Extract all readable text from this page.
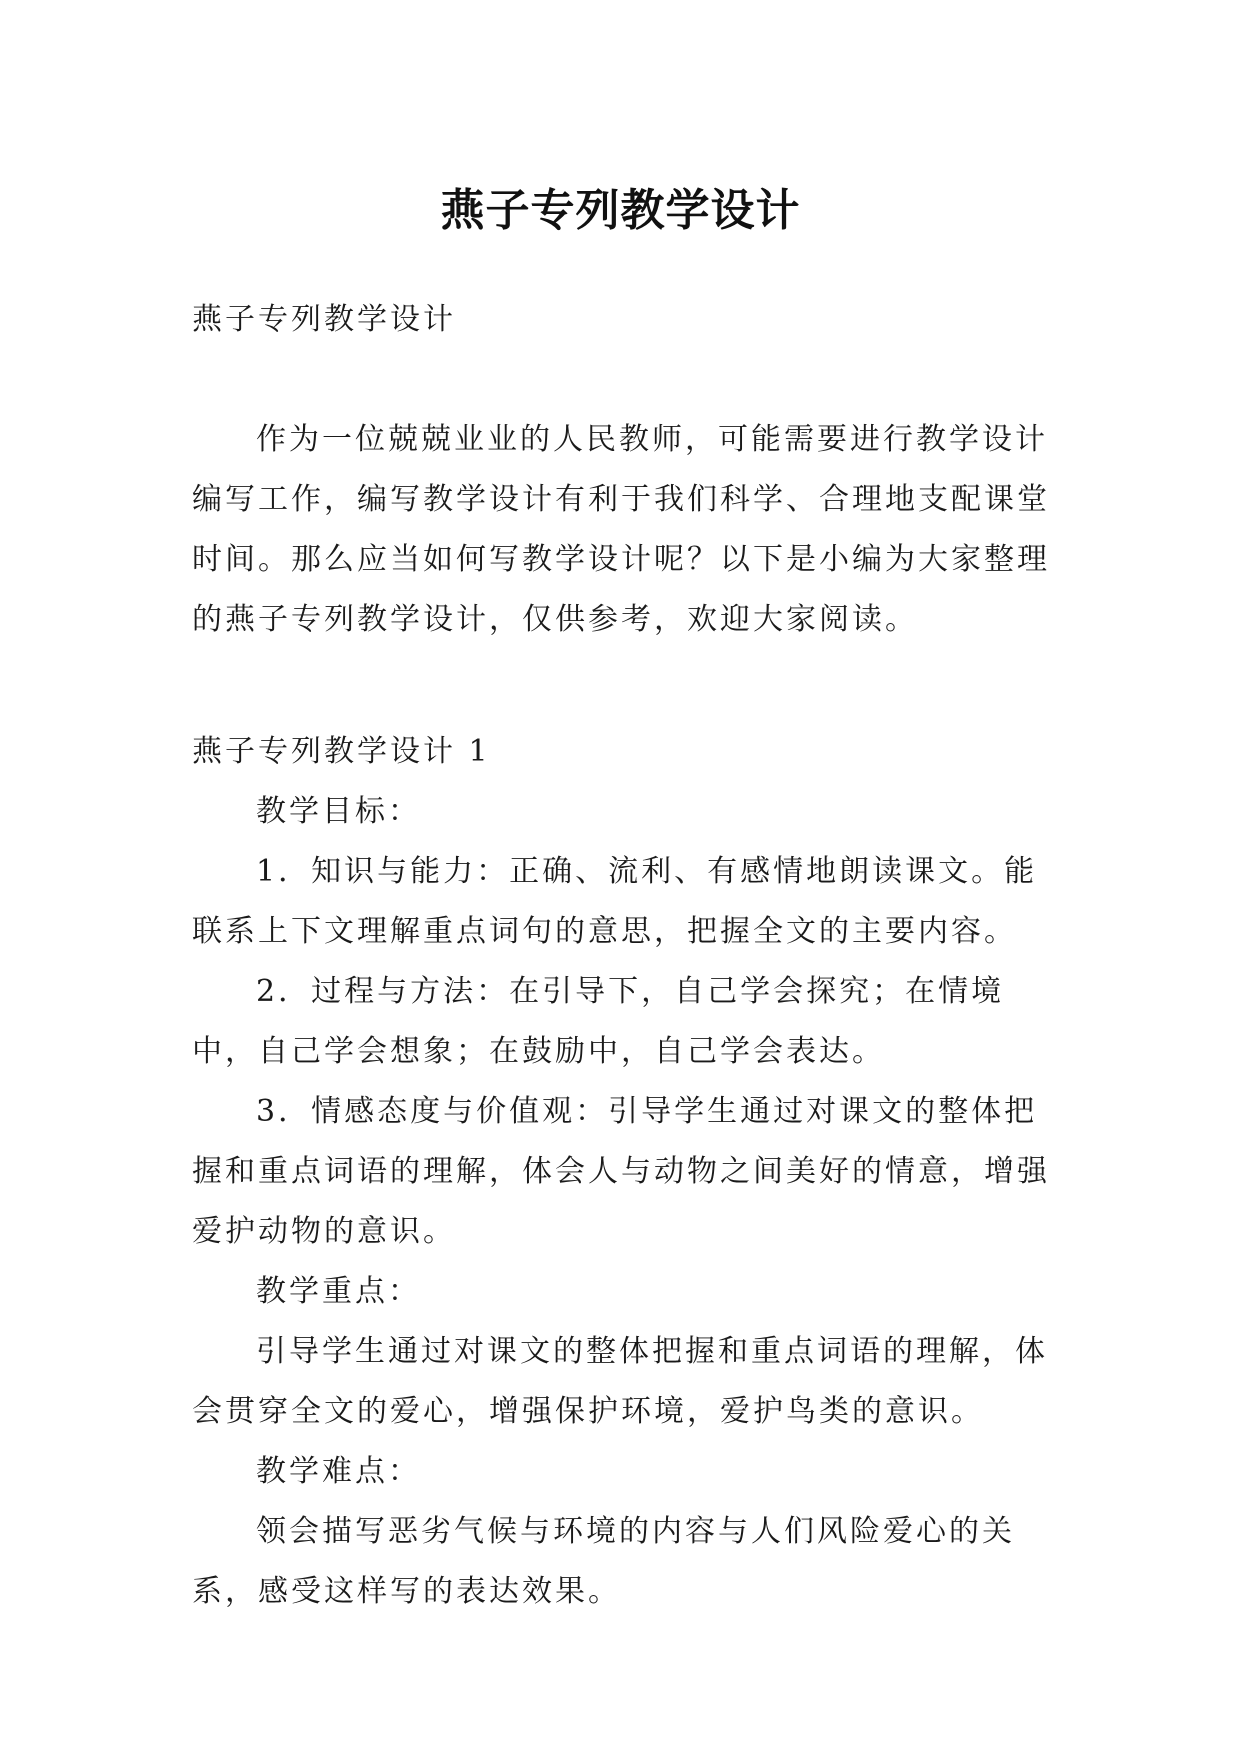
燕子专列教学设计

燕子专列教学设计

作为一位兢兢业业的人民教师，可能需要进行教学设计编写工作，编写教学设计有利于我们科学、合理地支配课堂时间。那么应当如何写教学设计呢？以下是小编为大家整理的燕子专列教学设计，仅供参考，欢迎大家阅读。

燕子专列教学设计 1

教学目标：

1．知识与能力：正确、流利、有感情地朗读课文。能联系上下文理解重点词句的意思，把握全文的主要内容。

2．过程与方法：在引导下，自己学会探究；在情境中，自己学会想象；在鼓励中，自己学会表达。

3．情感态度与价值观：引导学生通过对课文的整体把握和重点词语的理解，体会人与动物之间美好的情意，增强爱护动物的意识。

教学重点：

引导学生通过对课文的整体把握和重点词语的理解，体会贯穿全文的爱心，增强保护环境，爱护鸟类的意识。

教学难点：

领会描写恶劣气候与环境的内容与人们风险爱心的关系，感受这样写的表达效果。
